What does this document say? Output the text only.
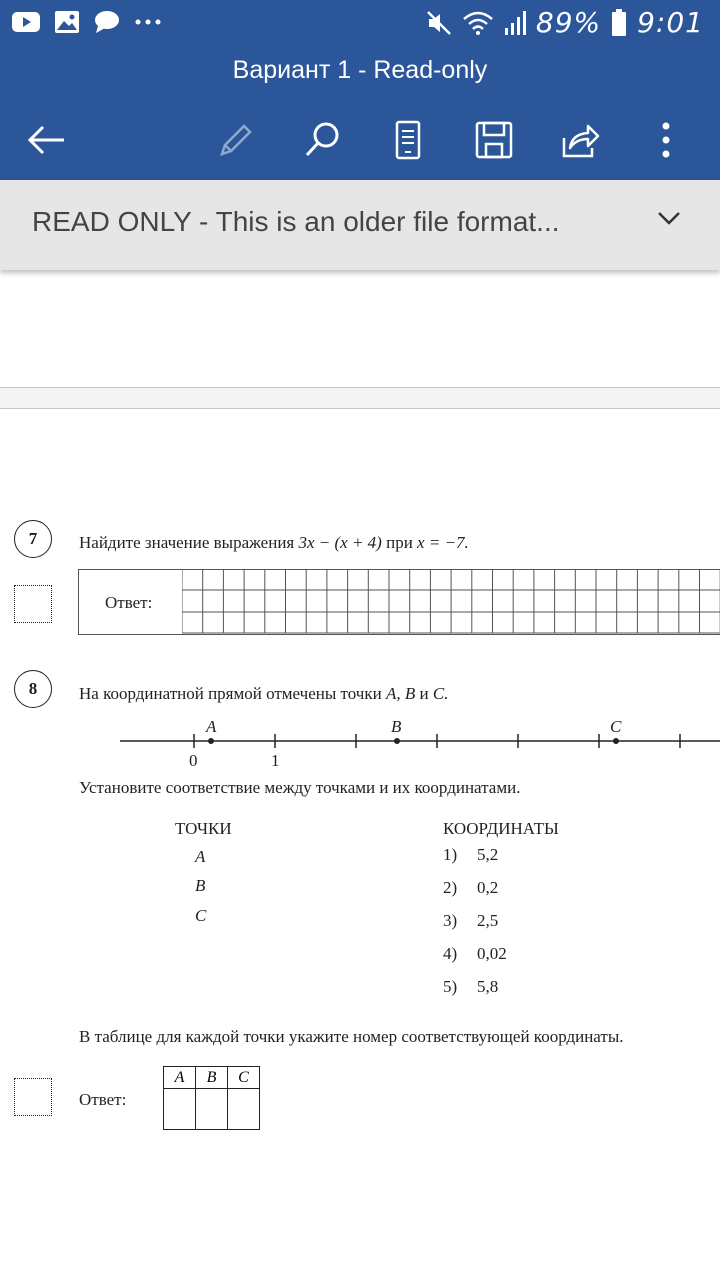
89% 9:01
Вариант 1 - Read-only
READ ONLY - This is an older file format...
7	Найдите значение выражения 3x − (x + 4) при x = −7.
Ответ:
8	На координатной прямой отмечены точки A, B и C.
A	B	C
0	1
Установите соответствие между точками и их координатами.
ТОЧКИ	КООРДИНАТЫ
A
B
C
1) 5,2
2) 0,2
3) 2,5
4) 0,02
5) 5,8
В таблице для каждой точки укажите номер соответствующей координаты.
Ответ:
A	B	C
